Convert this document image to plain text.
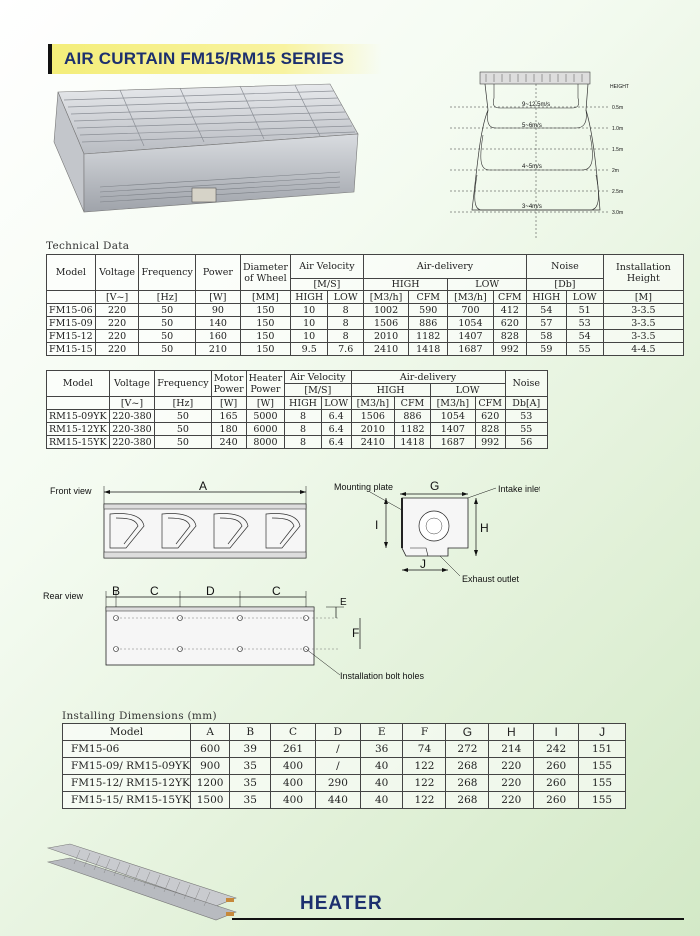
AIR CURTAIN FM15/RM15 SERIES
HEIGHT
9~12.5m/s
5~6m/s
4~5m/s
3~4m/s
0.5m
1.0m
1.5m
2m
2.5m
3.0m
Technical Data
Model	Voltage	Frequency	Power	Diameter of Wheel	Air Velocity		Air-delivery				Noise		Installation Height
					[M/S]		HIGH		LOW		[Db]		
	[V~]	[Hz]	[W]	[MM]	HIGH	LOW	[M3/h]	CFM	[M3/h]	CFM	HIGH	LOW	[M]
FM15-06	220	50	90	150	10	8	1002	590	700	412	54	51	3-3.5
FM15-09	220	50	140	150	10	8	1506	886	1054	620	57	53	3-3.5
FM15-12	220	50	160	150	10	8	2010	1182	1407	828	58	54	3-3.5
FM15-15	220	50	210	150	9.5	7.6	2410	1418	1687	992	59	55	4-4.5
Model	Voltage	Frequency	Motor Power	Heater Power	Air Velocity		Air-delivery				Noise
					[M/S]		HIGH		LOW		
	[V~]	[Hz]	[W]	[W]	HIGH	LOW	[M3/h]	CFM	[M3/h]	CFM	Db[A]
RM15-09YK	220-380	50	165	5000	8	6.4	1506	886	1054	620	53
RM15-12YK	220-380	50	180	6000	8	6.4	2010	1182	1407	828	55
RM15-15YK	220-380	50	240	8000	8	6.4	2410	1418	1687	992	56
Front view	A	Mounting plate	G	Intake inlet
I	H
J
Exhaust outlet
Rear view B C	D	C
E
F
Installation bolt holes
Installing Dimensions (mm)
Model	A	B	C	D	E	F	G	H	I	J
FM15-06	600	39	261	/	36	74	272	214	242	151
FM15-09/ RM15-09YK	900	35	400	/	40	122	268	220	260	155
FM15-12/ RM15-12YK	1200	35	400	290	40	122	268	220	260	155
FM15-15/ RM15-15YK	1500	35	400	440	40	122	268	220	260	155
HEATER
